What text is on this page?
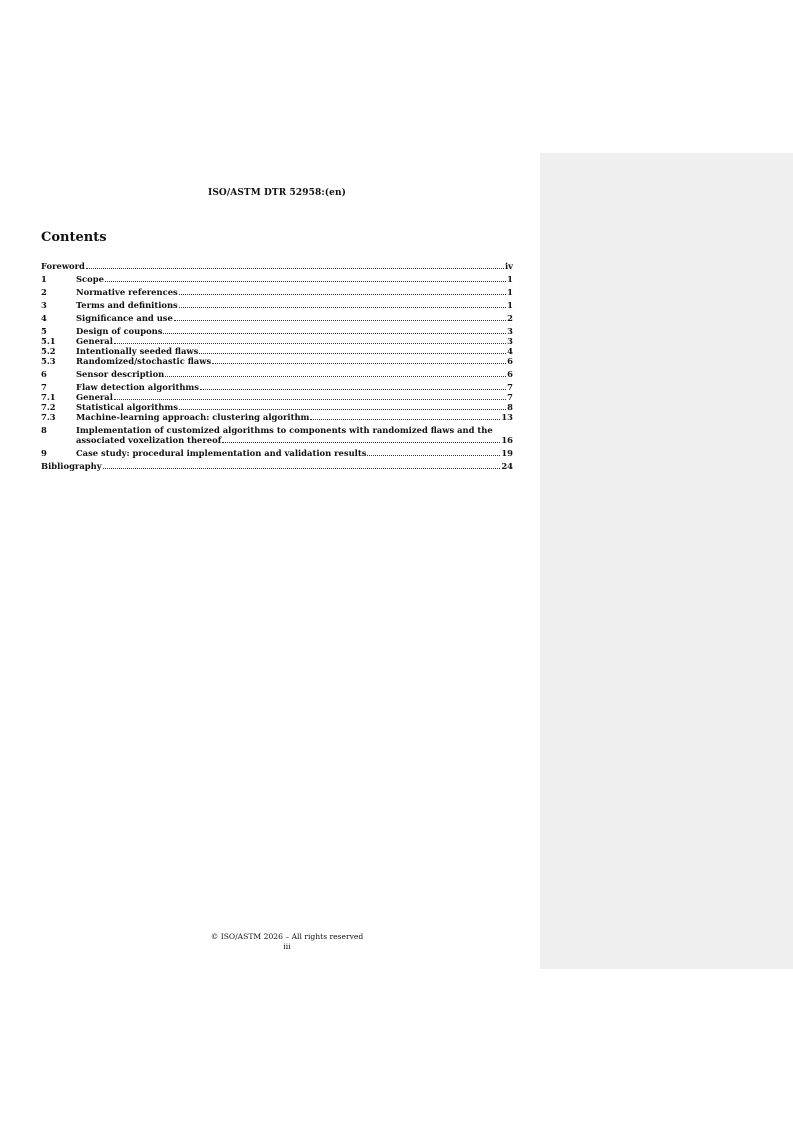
ISO/ASTM DTR 52958:(en)
Contents
Foreword	iv
1	Scope	1
2	Normative references	1
3	Terms and definitions	1
4	Significance and use	2
5	Design of coupons	3
5.1	General	3
5.2	Intentionally seeded flaws	4
5.3	Randomized/stochastic flaws	6
6	Sensor description	6
7	Flaw detection algorithms	7
7.1	General	7
7.2	Statistical algorithms	8
7.3	Machine-learning approach: clustering algorithm	13
8	Implementation of customized algorithms to components with randomized flaws and the
associated voxelization thereof	16
9	Case study: procedural implementation and validation results	19
Bibliography	24
© ISO/ASTM 2026 – All rights reserved
iii
